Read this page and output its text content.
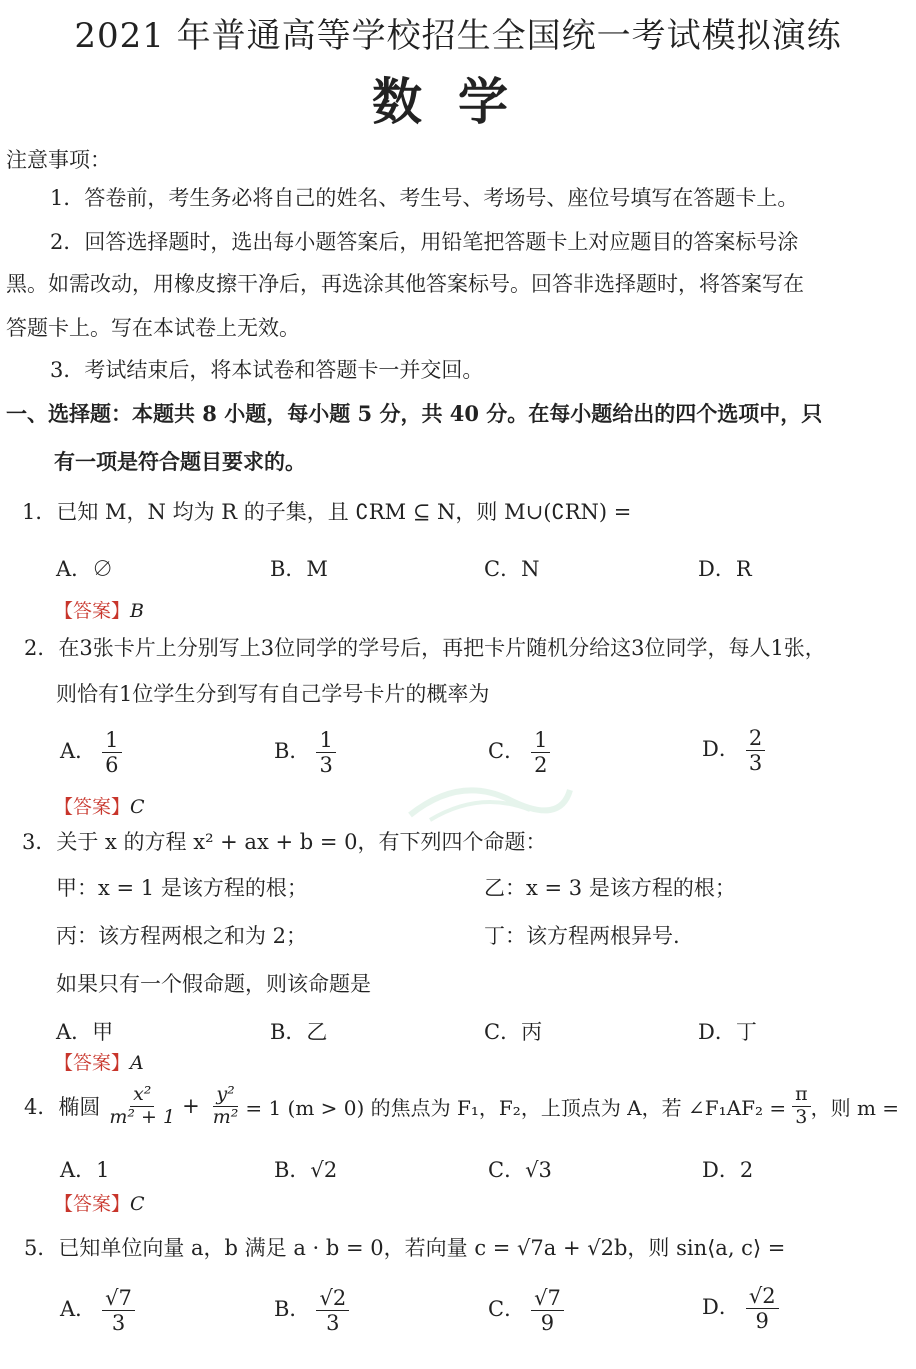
2021 年普通高等学校招生全国统一考试模拟演练
数学
注意事项：
1．答卷前，考生务必将自己的姓名、考生号、考场号、座位号填写在答题卡上。
2．回答选择题时，选出每小题答案后，用铅笔把答题卡上对应题目的答案标号涂
黑。如需改动，用橡皮擦干净后，再选涂其他答案标号。回答非选择题时，将答案写在
答题卡上。写在本试卷上无效。
3．考试结束后，将本试卷和答题卡一并交回。
一、选择题：本题共 8 小题，每小题 5 分，共 40 分。在每小题给出的四个选项中，只
有一项是符合题目要求的。
1．已知 M，N 均为 R 的子集，且 ∁RM ⊆ N，则 M∪(∁RN) =
A．∅	B．M	C．N	D．R
【答案】B
2．在3张卡片上分别写上3位同学的学号后，再把卡片随机分给这3位同学，每人1张，
则恰有1位学生分到写有自己学号卡片的概率为
A． $\frac{1}{6}$	B． $\frac{1}{3}$	C． $\frac{1}{2}$	D． $\frac{2}{3}$
【答案】C
3．关于 x 的方程 x² + ax + b = 0，有下列四个命题：
甲：x = 1 是该方程的根；	乙：x = 3 是该方程的根；
丙：该方程两根之和为 2；	丁：该方程两根异号.
如果只有一个假命题，则该命题是
A．甲	B．乙	C．丙	D．丁
【答案】A
4．椭圆 $\frac{\text{x²}}{\text{m² + 1}} + \frac{\text{y²}}{\text{m²}} = 1$ (m > 0) 的焦点为 F₁，F₂，上顶点为 A，若 ∠F₁AF₂ = $\frac{\pi}{3}$ ，则 m =
A．1	B．√2	C．√3	D．2
【答案】C
5．已知单位向量 a，b 满足 a · b = 0，若向量 c = √7a + √2b，则 sin⟨a, c⟩ =
A． $\frac{√7}{3}$	B． $\frac{√2}{3}$	C． $\frac{√7}{9}$	D． $\frac{√2}{9}$
